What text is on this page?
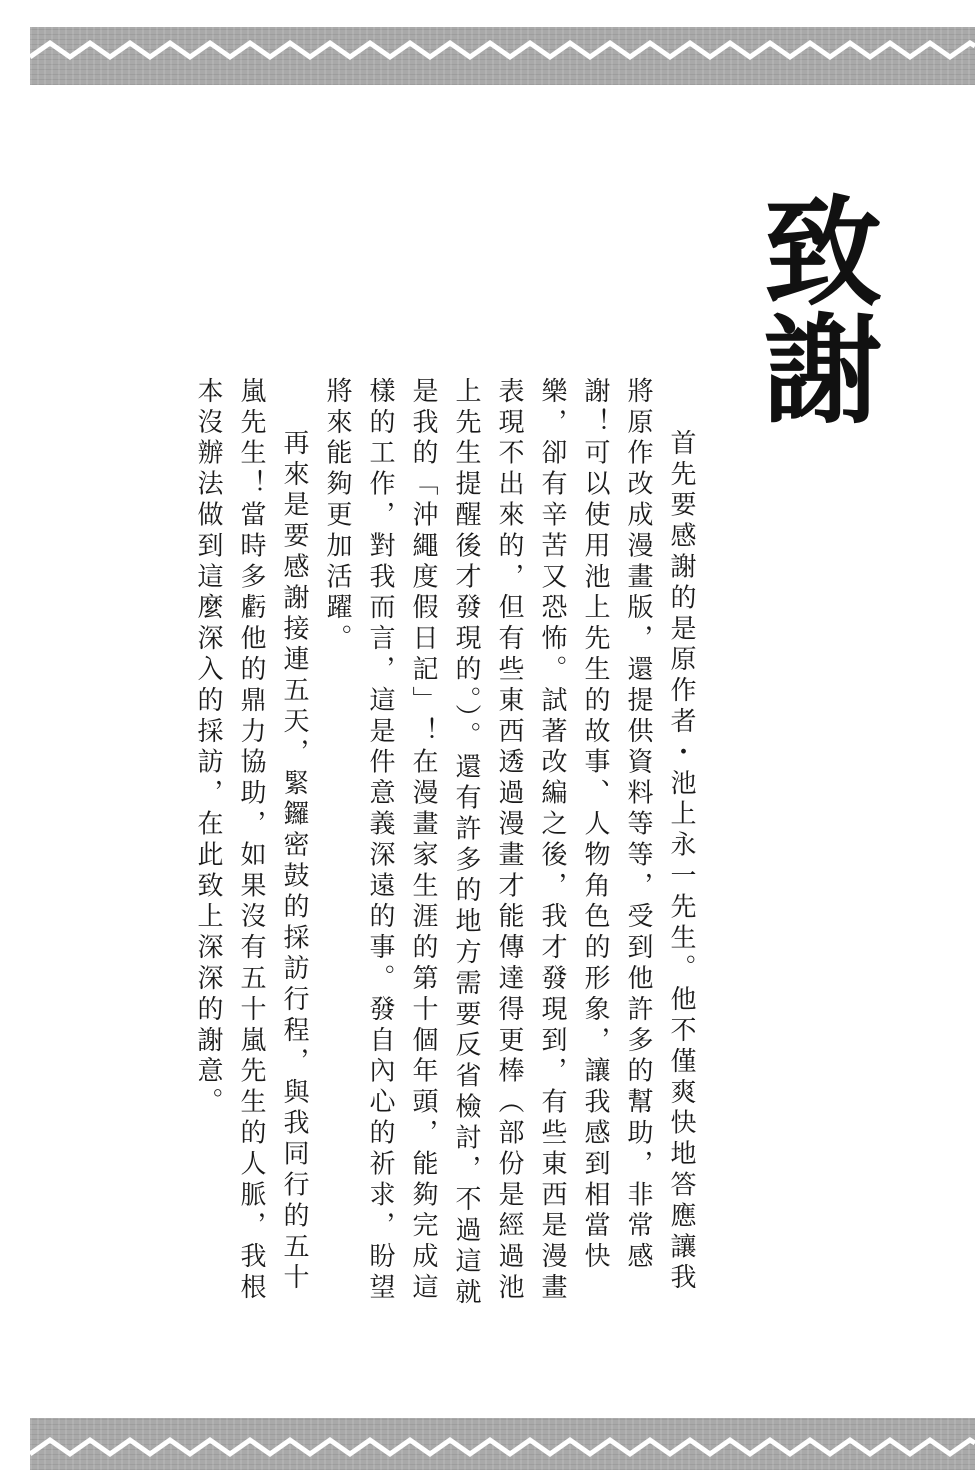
致謝

首先要感謝的是原作者・池上永一先生。他不僅爽快地答應讓我將原作改成漫畫版，還提供資料等等，受到他許多的幫助，非常感謝！可以使用池上先生的故事、人物角色的形象，讓我感到相當快樂，卻有辛苦又恐怖。試著改編之後，我才發現到，有些東西是漫畫表現不出來的，但有些東西透過漫畫才能傳達得更棒（部份是經過池上先生提醒後才發現的。）。還有許多的地方需要反省檢討，不過這就是我的「沖繩度假日記」！在漫畫家生涯的第十個年頭，能夠完成這樣的工作，對我而言，這是件意義深遠的事。發自內心的祈求，盼望將來能夠更加活躍。

再來是要感謝接連五天，緊鑼密鼓的採訪行程，與我同行的五十嵐先生！當時多虧他的鼎力協助，如果沒有五十嵐先生的人脈，我根本沒辦法做到這麼深入的採訪，在此致上深深的謝意。
